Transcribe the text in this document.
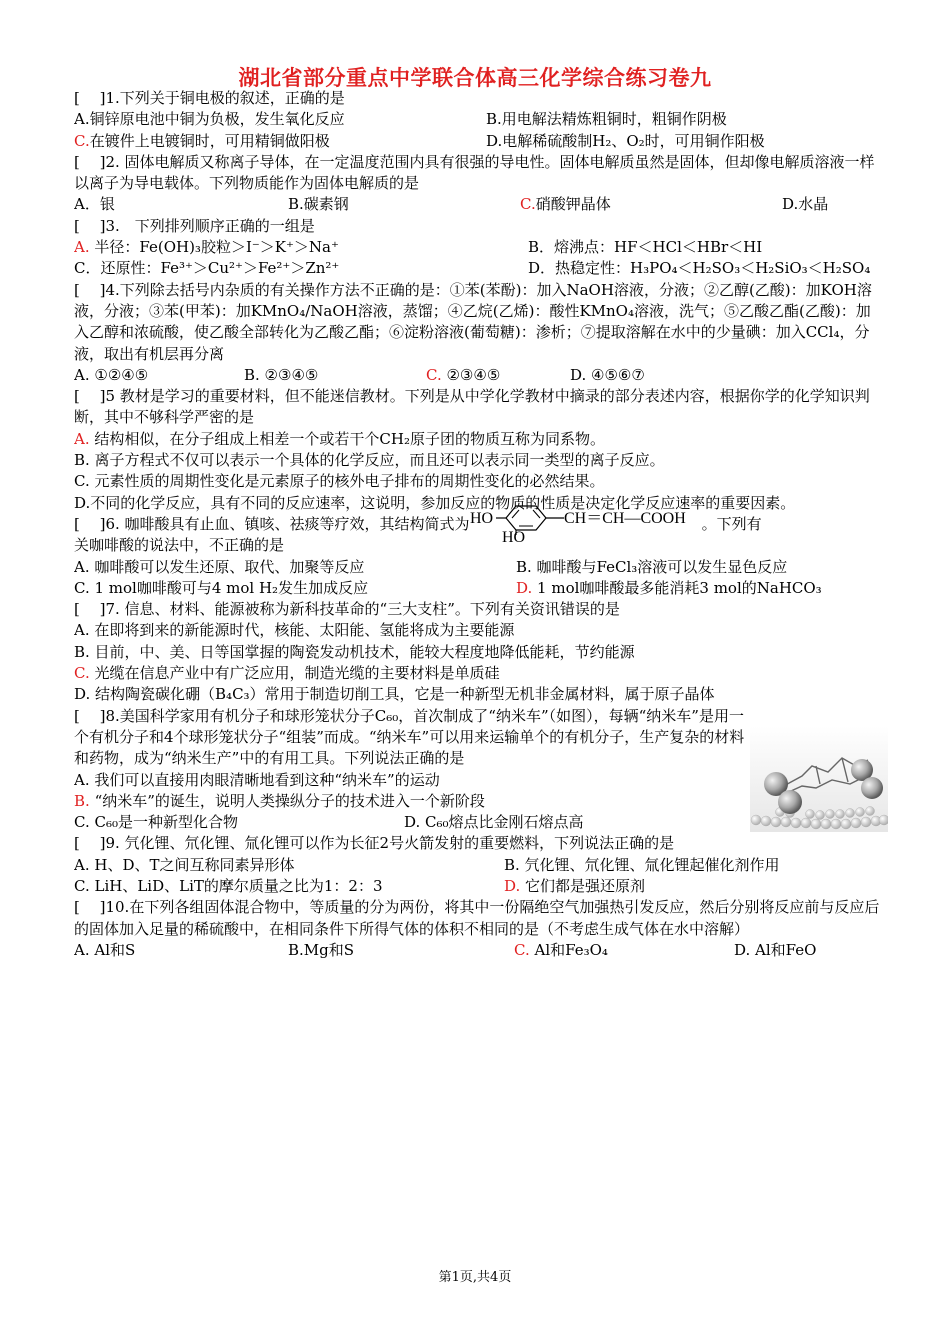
湖北省部分重点中学联合体高三化学综合练习卷九
[　 ]1.下列关于铜电极的叙述，正确的是
A.铜锌原电池中铜为负极，发生氧化反应	B.用电解法精炼粗铜时，粗铜作阴极
C.在镀件上电镀铜时，可用精铜做阳极	D.电解稀硫酸制H₂、O₂时，可用铜作阳极
[　 ]2. 固体电解质又称离子导体，在一定温度范围内具有很强的导电性。固体电解质虽然是固体，但却像电解质溶液一样以离子为导电载体。下列物质能作为固体电解质的是
A．银	B.碳素钢	C.硝酸钾晶体	D.水晶
[　 ]3.　下列排列顺序正确的一组是
A. 半径：Fe(OH)₃胶粒＞I⁻＞K⁺＞Na⁺	B．熔沸点：HF＜HCl＜HBr＜HI
C．还原性：Fe³⁺＞Cu²⁺＞Fe²⁺＞Zn²⁺	D．热稳定性：H₃PO₄＜H₂SO₃＜H₂SiO₃＜H₂SO₄
[　 ]4.下列除去括号内杂质的有关操作方法不正确的是：①苯(苯酚)：加入NaOH溶液，分液；②乙醇(乙酸)：加KOH溶液，分液；③苯(甲苯)：加KMnO₄/NaOH溶液，蒸馏；④乙烷(乙烯)：酸性KMnO₄溶液，洗气；⑤乙酸乙酯(乙酸)：加入乙醇和浓硫酸，使乙酸全部转化为乙酸乙酯；⑥淀粉溶液(葡萄糖)：渗析；⑦提取溶解在水中的少量碘：加入CCl₄，分液，取出有机层再分离
A. ①②④⑤	B. ②③④⑤	C. ②③④⑤	D. ④⑤⑥⑦
[　 ]5 教材是学习的重要材料，但不能迷信教材。下列是从中学化学教材中摘录的部分表述内容，根据你学的化学知识判断，其中不够科学严密的是
A. 结构相似，在分子组成上相差一个或若干个CH₂原子团的物质互称为同系物。
B. 离子方程式不仅可以表示一个具体的化学反应，而且还可以表示同一类型的离子反应。
C. 元素性质的周期性变化是元素原子的核外电子排布的周期性变化的必然结果。
D.不同的化学反应，具有不同的反应速率，这说明，参加反应的物质的性质是决定化学反应速率的重要因素。
[　 ]6. 咖啡酸具有止血、镇咳、祛痰等疗效，其结构简式为 HO	CH＝CH—COOH
HO
。下列有
关咖啡酸的说法中，不正确的是
A. 咖啡酸可以发生还原、取代、加聚等反应	B. 咖啡酸与FeCl₃溶液可以发生显色反应
C. 1 mol咖啡酸可与4 mol H₂发生加成反应	D. 1 mol咖啡酸最多能消耗3 mol的NaHCO₃
[　 ]7. 信息、材料、能源被称为新科技革命的“三大支柱”。下列有关资讯错误的是
A. 在即将到来的新能源时代，核能、太阳能、氢能将成为主要能源
B. 目前，中、美、日等国掌握的陶瓷发动机技术，能较大程度地降低能耗，节约能源
C. 光缆在信息产业中有广泛应用，制造光缆的主要材料是单质硅
D. 结构陶瓷碳化硼（B₄C₃）常用于制造切削工具，它是一种新型无机非金属材料，属于原子晶体
[　 ]8.美国科学家用有机分子和球形笼状分子C₆₀，首次制成了“纳米车”（如图），每辆“纳米车”是用一个有机分子和4个球形笼状分子“组装”而成。“纳米车”可以用来运输单个的有机分子，生产复杂的材料和药物，成为“纳米生产”中的有用工具。下列说法正确的是
A. 我们可以直接用肉眼清晰地看到这种“纳米车”的运动
B. “纳米车”的诞生，说明人类操纵分子的技术进入一个新阶段
C. C₆₀是一种新型化合物	D. C₆₀熔点比金刚石熔点高
[　 ]9. 氕化锂、氘化锂、氚化锂可以作为长征2号火箭发射的重要燃料，下列说法正确的是
A. H、D、T之间互称同素异形体	B. 氕化锂、氘化锂、氚化锂起催化剂作用
C. LiH、LiD、LiT的摩尔质量之比为1：2：3	D. 它们都是强还原剂
[　 ]10.在下列各组固体混合物中，等质量的分为两份，将其中一份隔绝空气加强热引发反应，然后分别将反应前与反应后的固体加入足量的稀硫酸中，在相同条件下所得气体的体积不相同的是（不考虑生成气体在水中溶解）
A. Al和S	B.Mg和S	C. Al和Fe₃O₄	D. Al和FeO
第1页,共4页
